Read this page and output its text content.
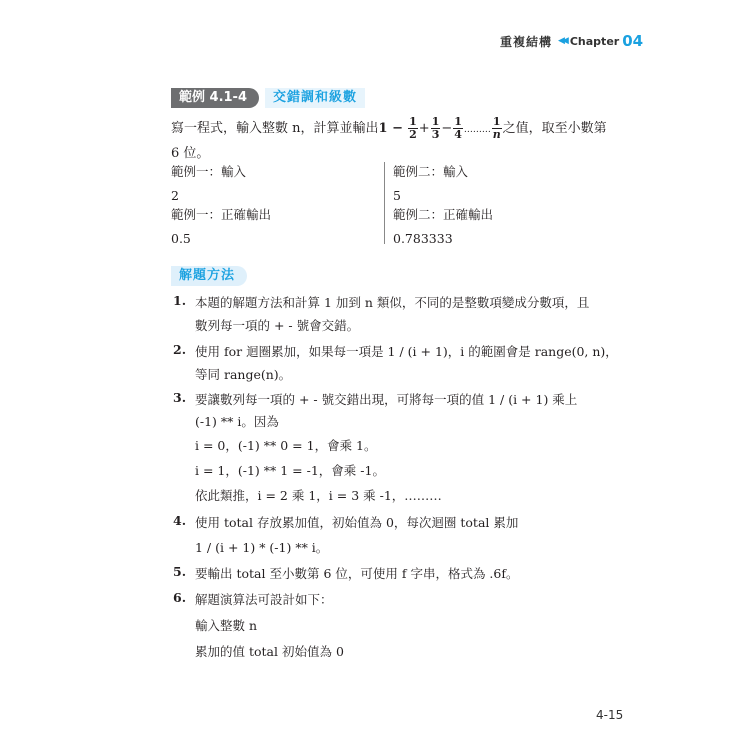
重複結構 ◀◀ Chapter 04
範例 4.1-4	交錯調和級數
寫一程式，輸入整數 n，計算並輸出$1 - \frac{1}{2} + \frac{1}{3} - \frac{1}{4}$ ……… $\frac{1}{n}$ 之值，取至小數第
6 位。
範例一：輸入
2
範例一：正確輸出
0.5
範例二：輸入
5
範例二：正確輸出
0.783333
解題方法
1. 本題的解題方法和計算 1 加到 n 類似，不同的是整數項變成分數項，且
數列每一項的 + - 號會交錯。
2. 使用 for 迴圈累加，如果每一項是 1 / (i + 1)，i 的範圍會是 range(0, n)，
等同 range(n)。
3. 要讓數列每一項的 + - 號交錯出現，可將每一項的值 1 / (i + 1) 乘上
(-1) ** i。因為
i = 0，(-1) ** 0 = 1，會乘 1。
i = 1，(-1) ** 1 = -1，會乘 -1。
依此類推，i = 2 乘 1，i = 3 乘 -1，………
4. 使用 total 存放累加值，初始值為 0，每次迴圈 total 累加
1 / (i + 1) * (-1) ** i。
5. 要輸出 total 至小數第 6 位，可使用 f 字串，格式為 .6f。
6. 解題演算法可設計如下：
輸入整數 n
累加的值 total 初始值為 0
4-15
